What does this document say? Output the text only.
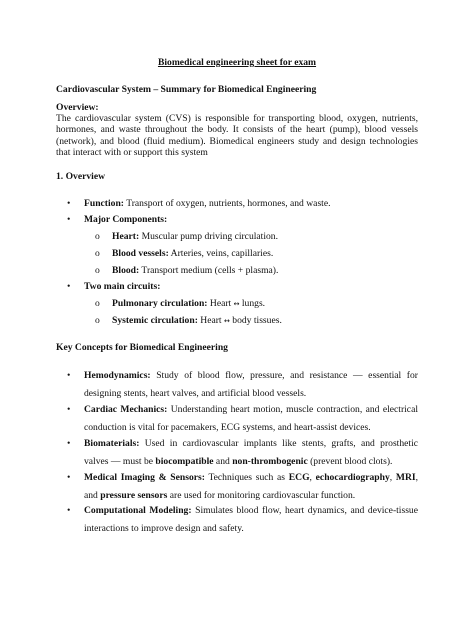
Biomedical engineering sheet for exam
Cardiovascular System – Summary for Biomedical Engineering
Overview:
The cardiovascular system (CVS) is responsible for transporting blood, oxygen, nutrients, hormones, and waste throughout the body. It consists of the heart (pump), blood vessels (network), and blood (fluid medium). Biomedical engineers study and design technologies that interact with or support this system
1. Overview
• Function: Transport of oxygen, nutrients, hormones, and waste.
• Major Components:
o Heart: Muscular pump driving circulation.
o Blood vessels: Arteries, veins, capillaries.
o Blood: Transport medium (cells + plasma).
• Two main circuits:
o Pulmonary circulation: Heart ↔ lungs.
o Systemic circulation: Heart ↔ body tissues.
Key Concepts for Biomedical Engineering
• Hemodynamics: Study of blood flow, pressure, and resistance — essential for designing stents, heart valves, and artificial blood vessels.
• Cardiac Mechanics: Understanding heart motion, muscle contraction, and electrical conduction is vital for pacemakers, ECG systems, and heart-assist devices.
• Biomaterials: Used in cardiovascular implants like stents, grafts, and prosthetic valves — must be biocompatible and non-thrombogenic (prevent blood clots).
• Medical Imaging & Sensors: Techniques such as ECG, echocardiography, MRI, and pressure sensors are used for monitoring cardiovascular function.
• Computational Modeling: Simulates blood flow, heart dynamics, and device-tissue interactions to improve design and safety.
